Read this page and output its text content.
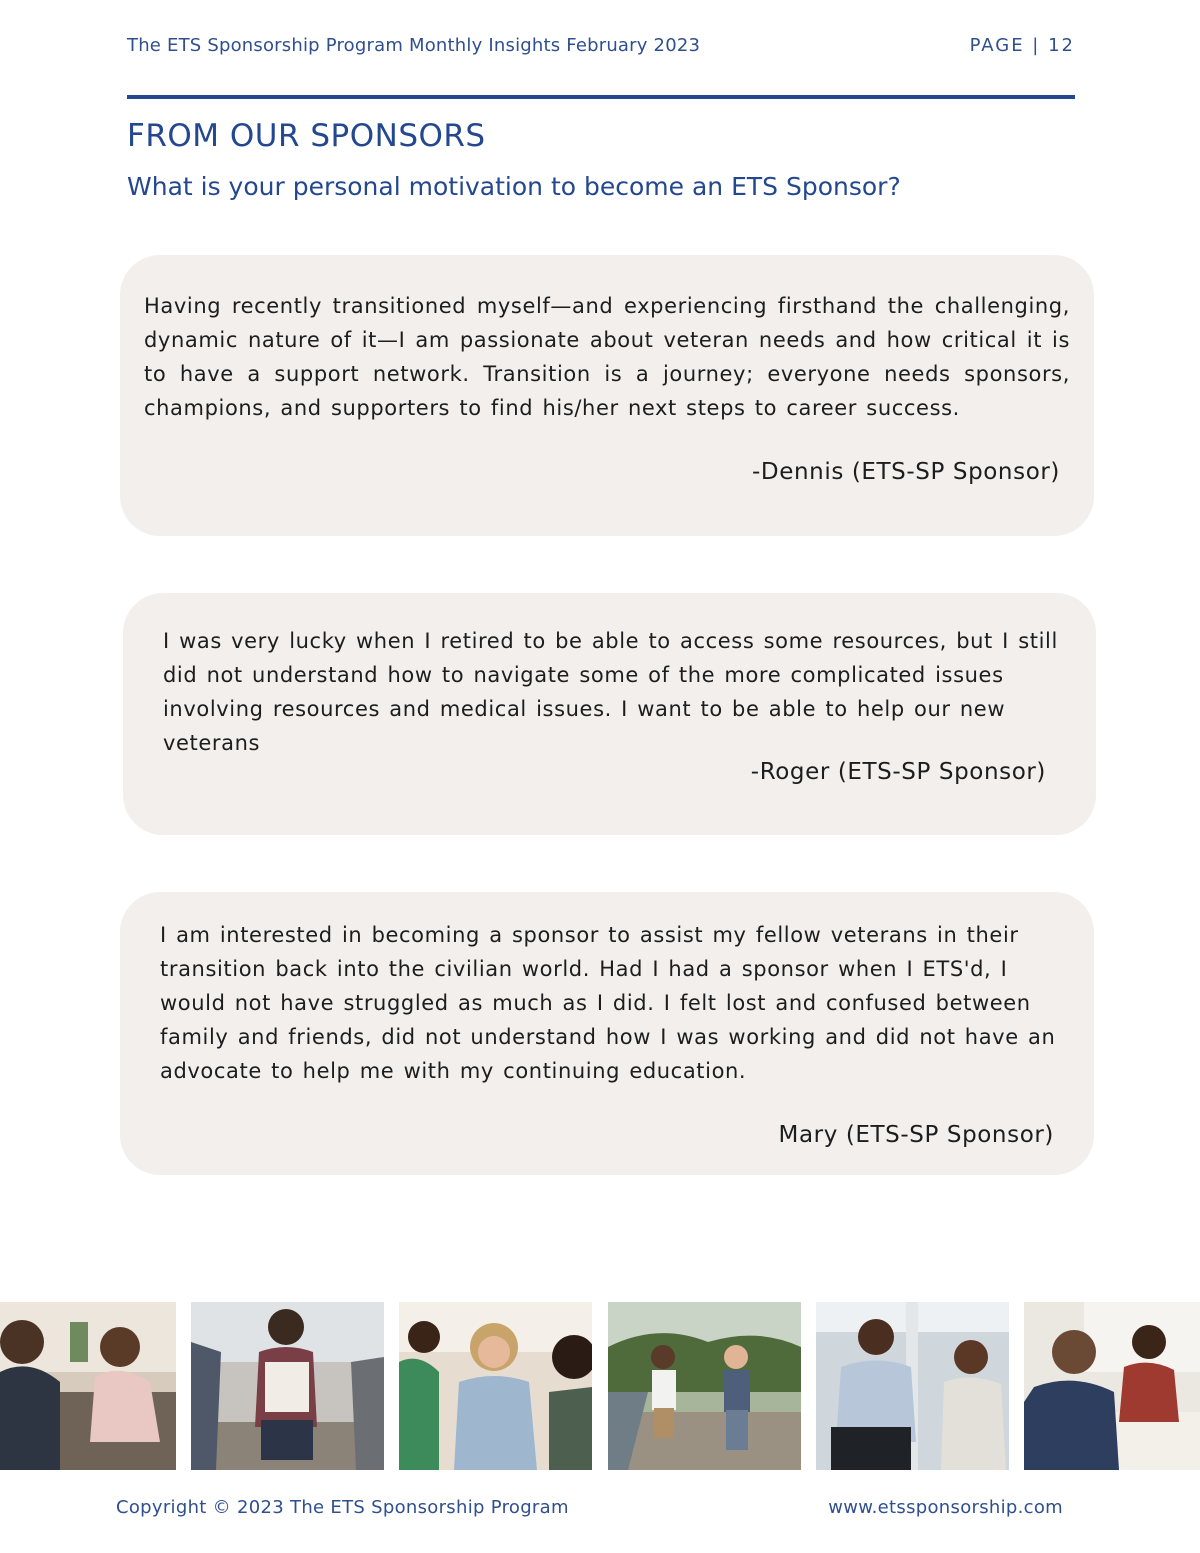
The ETS Sponsorship Program Monthly Insights February 2023	PAGE | 12
FROM OUR SPONSORS
What is your personal motivation to become an ETS Sponsor?
Having recently transitioned myself—and experiencing firsthand the challenging, dynamic nature of it—I am passionate about veteran needs and how critical it is to have a support network. Transition is a journey; everyone needs sponsors, champions, and supporters to find his/her next steps to career success.
-Dennis (ETS-SP Sponsor)
I was very lucky when I retired to be able to access some resources, but I still did not understand how to navigate some of the more complicated issues involving resources and medical issues. I want to be able to help our new veterans
-Roger (ETS-SP Sponsor)
I am interested in becoming a sponsor to assist my fellow veterans in their transition back into the civilian world. Had I had a sponsor when I ETS'd, I would not have struggled as much as I did. I felt lost and confused between family and friends, did not understand how I was working and did not have an advocate to help me with my continuing education.
Mary (ETS-SP Sponsor)
Copyright © 2023 The ETS Sponsorship Program	www.etssponsorship.com
